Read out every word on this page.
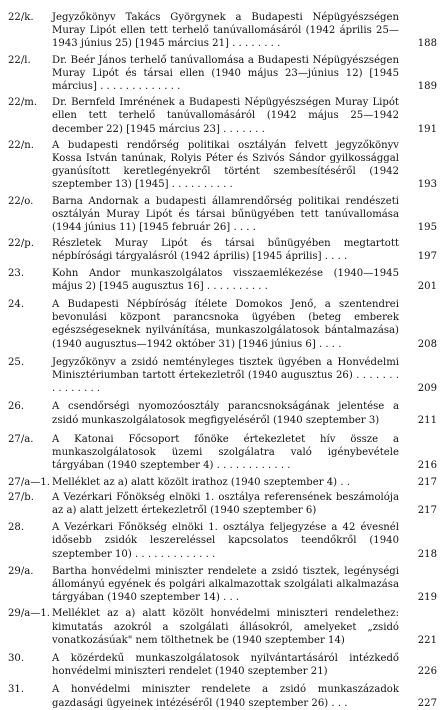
22/k.	Jegyzőkönyv Takács Györgynek a Budapesti Népügyészségen Muray Lipót ellen tett terhelő tanúvallomásáról (1942 április 25—1943 június 25) [1945 március 21] . . . . . . . .	188
22/l.	Dr. Beér János terhelő tanúvallomása a Budapesti Népügyészségen Muray Lipót és társai ellen (1940 május 23—június 12) [1945 március] . . . . . . . . . . . . .	189
22/m.	Dr. Bernfeld Imrénének a Budapesti Népügyészségen Muray Lipót ellen tett terhelő tanúvallomásáról (1942 május 25—1942 december 22) [1945 március 23] . . . . . . .	191
22/n.	A budapesti rendőrség politikai osztályán felvett jegyzőkönyv Kossa István tanúnak, Rolyis Péter és Szivós Sándor gyilkossággal gyanúsított keretlegényekről történt szembesítéséről (1942 szeptember 13) [1945] . . . . . . . . . .	193
22/o.	Barna Andornak a budapesti államrendőrség politikai rendészeti osztályán Muray Lipót és társai bűnügyében tett tanúvallomása (1944 június 11) [1945 február 26] . . . .	195
22/p.	Részletek Muray Lipót és társai bűnügyében megtartott népbírósági tárgyalásról (1942 április) [1945 április] . . . .	197
23.	Kohn Andor munkaszolgálatos visszaemlékezése (1940—1945 május 2) [1945 augusztus 16] . . . . . . . . . .	201
24.	A Budapesti Népbíróság ítélete Domokos Jenő, a szentendrei bevonulási központ parancsnoka ügyében (beteg emberek egészségeseknek nyilvánítása, munkaszolgálatosok bántalmazása) (1940 augusztus—1942 október 31) [1946 június 6] . . . .	208
25.	Jegyzőkönyv a zsidó nemtényleges tisztek ügyében a Honvédelmi Minisztériumban tartott értekezletről (1940 augusztus 26) . . . . . . . . . . . . . . .	209
26.	A csendőrségi nyomozóosztály parancsnokságának jelentése a zsidó munkaszolgálatosok megfigyeléséről (1940 szeptember 3)	211
27/a.	A Katonai Főcsoport főnöke értekezletet hív össze a munkaszolgálatosok üzemi szolgálatra való igénybevétele tárgyában (1940 szeptember 4) . . . . . . . . . . . .	216
27/a—1. Melléklet az a) alatt közölt irathoz (1940 szeptember 4) . .	217
27/b.	A Vezérkari Főnökség elnöki 1. osztálya referensének beszámolója az a) alatt jelzett értekezletről (1940 szeptember 6)	217
28.	A Vezérkari Főnökség elnöki 1. osztálya feljegyzése a 42 évesnél idősebb zsidók leszereléssel kapcsolatos teendőkről (1940 szeptember 10) . . . . . . . . . . . . .	218
29/a.	Bartha honvédelmi miniszter rendelete a zsidó tisztek, legénységi állományú egyének és polgári alkalmazottak szolgálati alkalmazása tárgyában (1940 szeptember 14) . . .	219
29/a—1. Melléklet az a) alatt közölt honvédelmi miniszteri rendelethez: kimutatás azokról a szolgálati állásokról, amelyeket „zsidó vonatkozásúak" nem tölthetnek be (1940 szeptember 14)	221
30.	A közérdekű munkaszolgálatosok nyilvántartásáról intézkedő honvédelmi miniszteri rendelet (1940 szeptember 21)	226
31.	A honvédelmi miniszter rendelete a zsidó munkaszázadok gazdasági ügyeinek intézéséről (1940 szeptember 26) . . .	227
